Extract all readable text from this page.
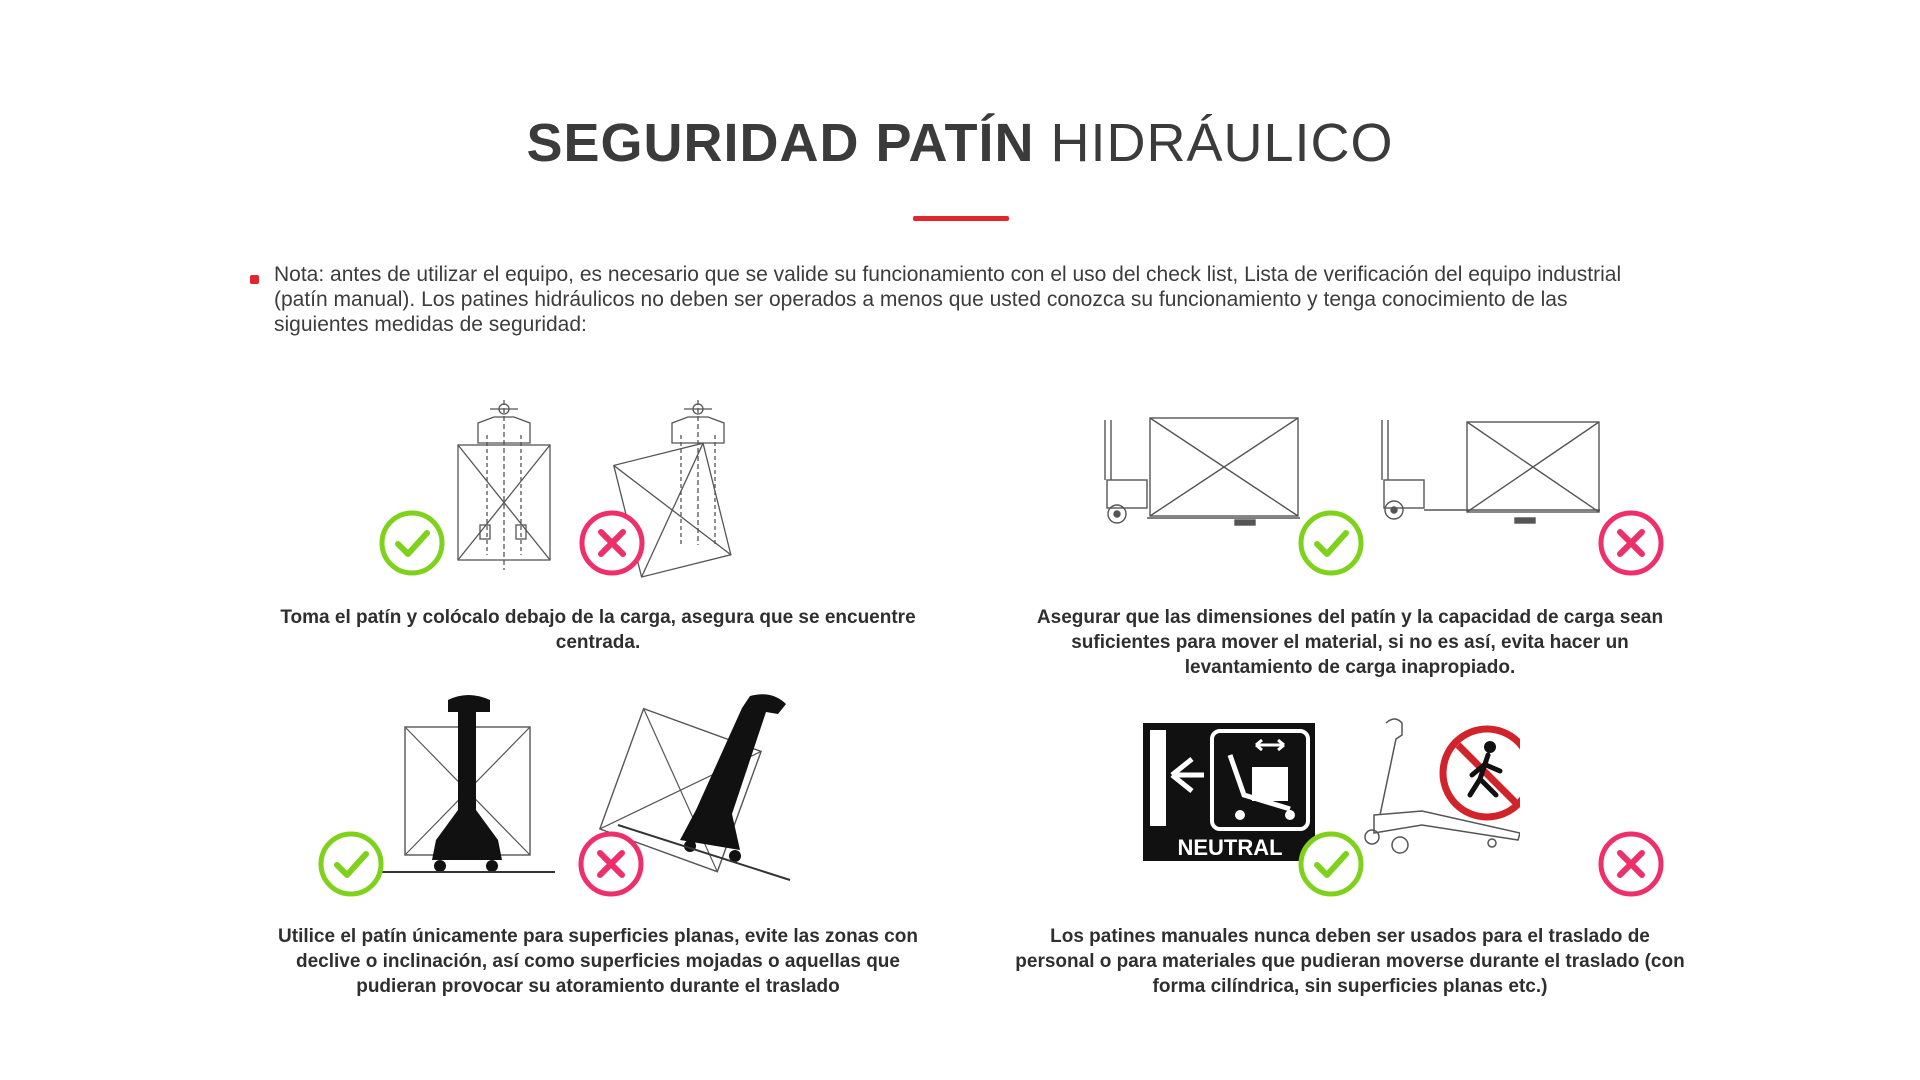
SEGURIDAD PATÍN HIDRÁULICO

Nota: antes de utilizar el equipo, es necesario que se valide su funcionamiento con el uso del check list, Lista de verificación del equipo industrial (patín manual). Los patines hidráulicos no deben ser operados a menos que usted conozca su funcionamiento y tenga conocimiento de las siguientes medidas de seguridad:

Toma el patín y colócalo debajo de la carga, asegura que se encuentre centrada.

Asegurar que las dimensiones del patín y la capacidad de carga sean suficientes para mover el material, si no es así, evita hacer un levantamiento de carga inapropiado.

Utilice el patín únicamente para superficies planas, evite las zonas con declive o inclinación, así como superficies mojadas o aquellas que pudieran provocar su atoramiento durante el traslado

NEUTRAL

Los patines manuales nunca deben ser usados para el traslado de personal o para materiales que pudieran moverse durante el traslado (con forma cilíndrica, sin superficies planas etc.)
